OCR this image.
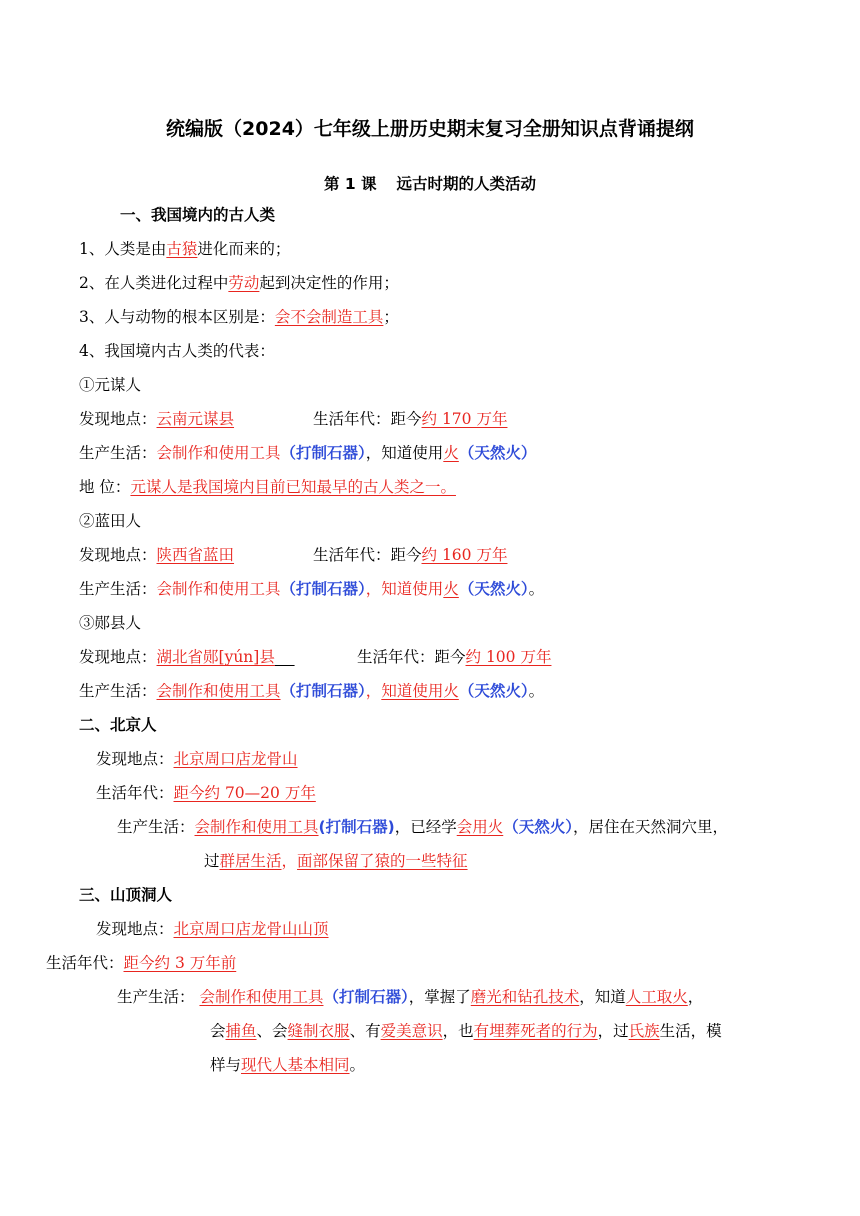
统编版（2024）七年级上册历史期末复习全册知识点背诵提纲
第 1 课 远古时期的人类活动
一、我国境内的古人类
1、人类是由古猿进化而来的；
2、在人类进化过程中劳动起到决定性的作用；
3、人与动物的根本区别是：会不会制造工具；
4、我国境内古人类的代表：
①元谋人
发现地点：云南元谋县	生活年代：距今约 170 万年
生产生活：会制作和使用工具（打制石器），知道使用火（天然火）
地 位：元谋人是我国境内目前已知最早的古人类之一。
②蓝田人
发现地点：陕西省蓝田	生活年代：距今约 160 万年
生产生活：会制作和使用工具（打制石器），知道使用火（天然火）。
③郧县人
发现地点：湖北省郧[yún]县	生活年代：距今约 100 万年
生产生活：会制作和使用工具（打制石器），知道使用火（天然火）。
二、北京人
发现地点：北京周口店龙骨山
生活年代：距今约 70—20 万年
生产生活：会制作和使用工具(打制石器)，已经学会用火（天然火），居住在天然洞穴里，
过群居生活，面部保留了猿的一些特征
三、山顶洞人
发现地点：北京周口店龙骨山山顶
生活年代：距今约 3 万年前
生产生活： 会制作和使用工具（打制石器），掌握了磨光和钻孔技术，知道人工取火，
会捕鱼、会缝制衣服、有爱美意识，也有埋葬死者的行为，过氏族生活，模
样与现代人基本相同。
